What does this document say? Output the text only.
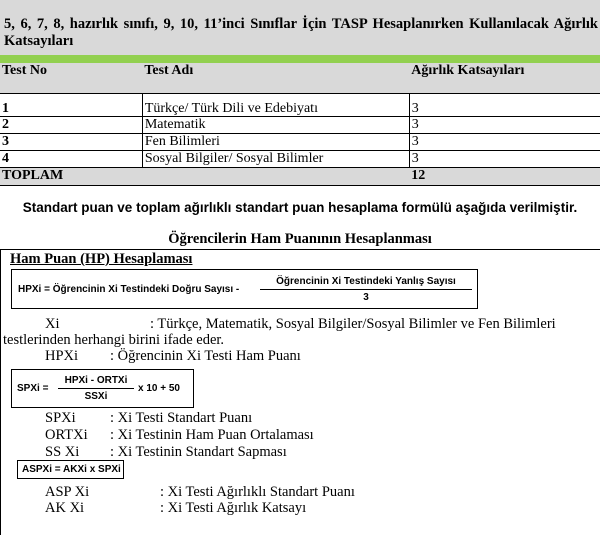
5, 6, 7, 8, hazırlık sınıfı, 9, 10, 11’inci Sınıflar İçin TASP Hesaplanırken Kullanılacak Ağırlık Katsayıları
Test No	Test Adı	Ağırlık Katsayıları
1	Türkçe/ Türk Dili ve Edebiyatı	3
2	Matematik	3
3	Fen Bilimleri	3
4	Sosyal Bilgiler/ Sosyal Bilimler	3
TOPLAM		12
Standart puan ve toplam ağırlıklı standart puan hesaplama formülü aşağıda verilmiştir.
Öğrencilerin Ham Puanının Hesaplanması
Ham Puan (HP) Hesaplaması
HPXi = Öğrencinin Xi Testindeki Doğru Sayısı -
Öğrencinin Xi Testindeki Yanlış Sayısı
3
Xi	: Türkçe, Matematik, Sosyal Bilgiler/Sosyal Bilimler ve Fen Bilimleri
testlerinden herhangi birini ifade eder.
HPXi : Öğrencinin Xi Testi Ham Puanı
SPXi =
HPXi - ORTXi
SSXi
x 10 + 50
SPXi : Xi Testi Standart Puanı
ORTXi : Xi Testinin Ham Puan Ortalaması
SS Xi : Xi Testinin Standart Sapması
ASPXi = AKXi x SPXi
ASP Xi	: Xi Testi Ağırlıklı Standart Puanı
AK Xi	: Xi Testi Ağırlık Katsayı
